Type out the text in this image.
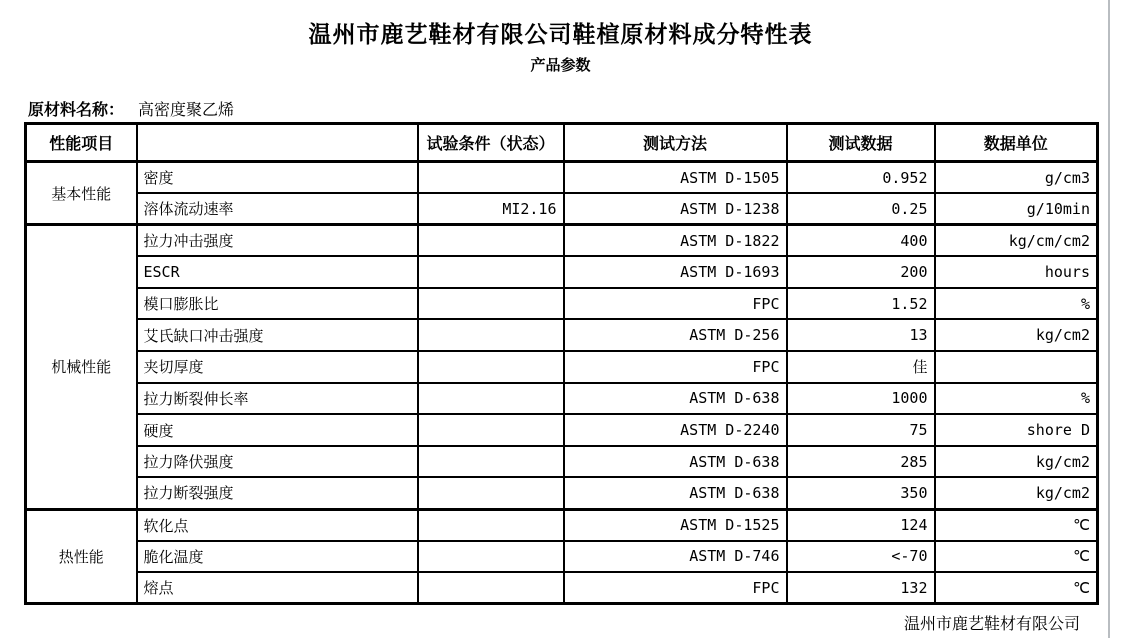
温州市鹿艺鞋材有限公司鞋楦原材料成分特性表
产品参数
原材料名称： 高密度聚乙烯
性能项目		试验条件（状态）	测试方法	测试数据	数据单位
基本性能	密度		ASTM D-1505	0.952	g/cm3
	溶体流动速率	MI2.16	ASTM D-1238	0.25	g/10min
机械性能	拉力冲击强度		ASTM D-1822	400	kg/cm/cm2
	ESCR		ASTM D-1693	200	hours
	模口膨胀比		FPC	1.52	%
	艾氏缺口冲击强度		ASTM D-256	13	kg/cm2
	夹切厚度		FPC	佳	
	拉力断裂伸长率		ASTM D-638	1000	%
	硬度		ASTM D-2240	75	shore D
	拉力降伏强度		ASTM D-638	285	kg/cm2
	拉力断裂强度		ASTM D-638	350	kg/cm2
热性能	软化点		ASTM D-1525	124	℃
	脆化温度		ASTM D-746	<-70	℃
	熔点		FPC	132	℃
温州市鹿艺鞋材有限公司
